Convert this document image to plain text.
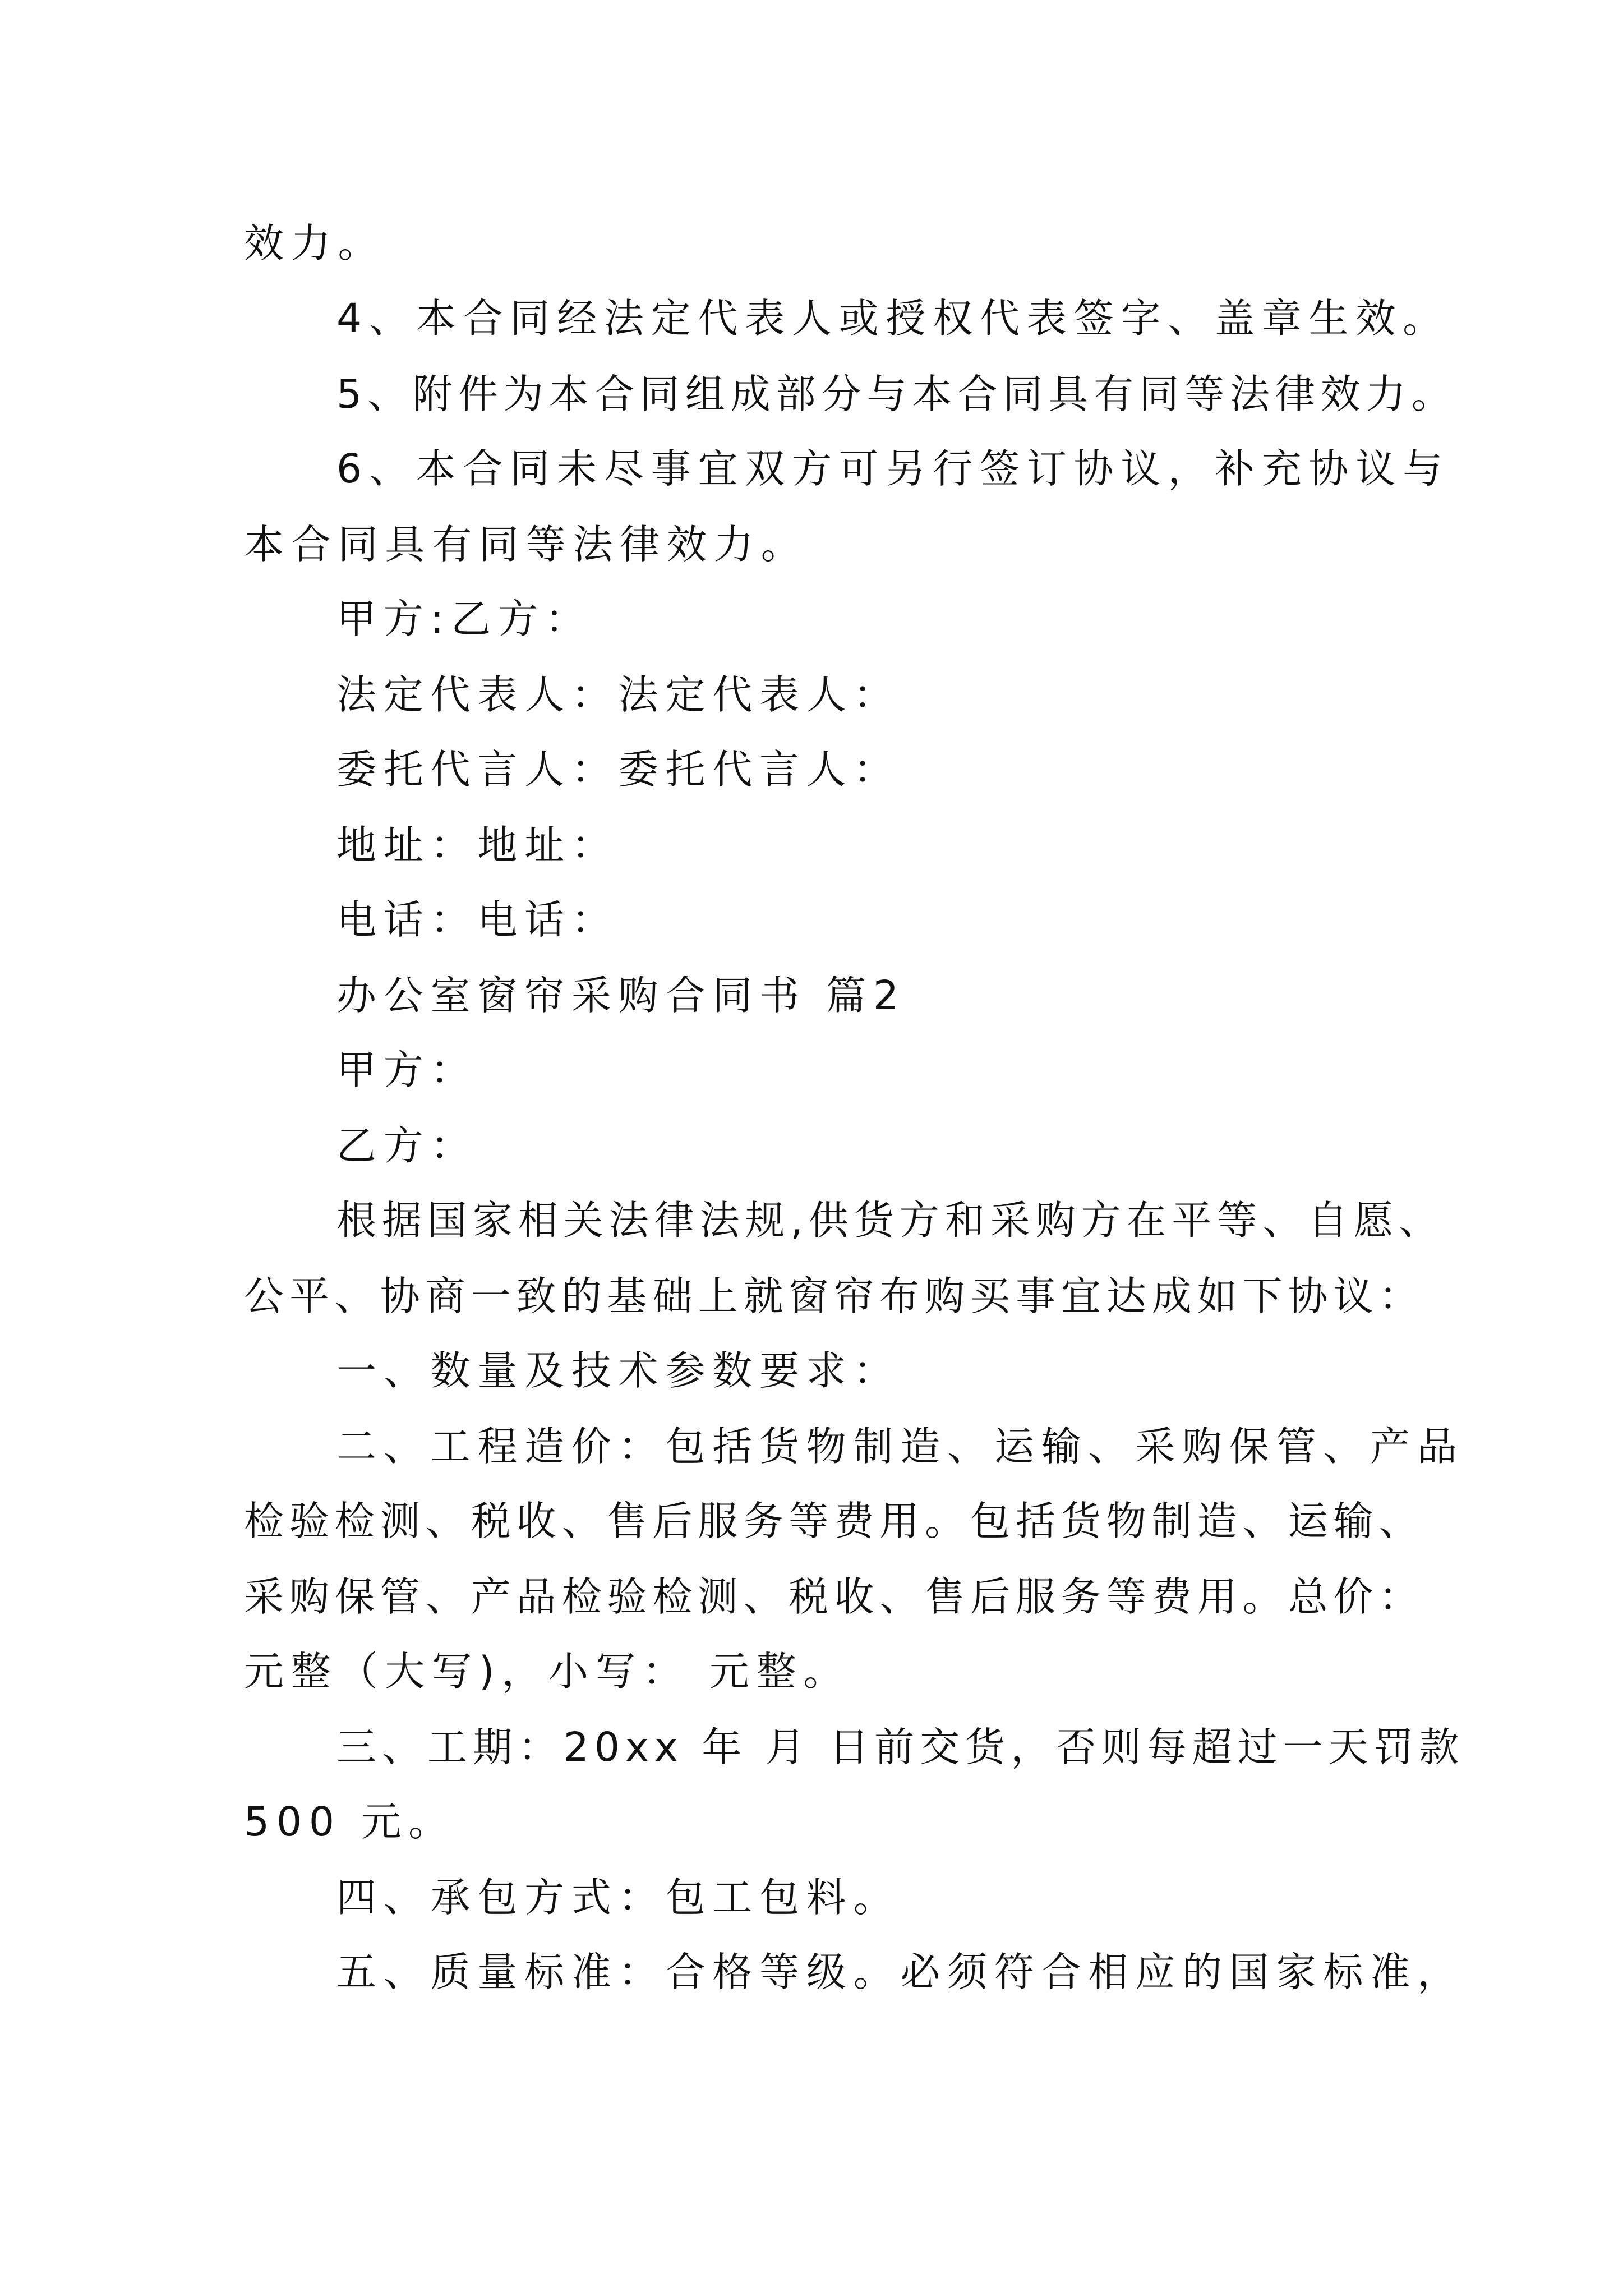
效力。
4、本合同经法定代表人或授权代表签字、盖章生效。
5、附件为本合同组成部分与本合同具有同等法律效力。
6、本合同未尽事宜双方可另行签订协议，补充协议与
本合同具有同等法律效力。
甲方:乙方：
法定代表人：法定代表人：
委托代言人：委托代言人：
地址：地址：
电话：电话：
办公室窗帘采购合同书 篇2
甲方：
乙方：
根据国家相关法律法规,供货方和采购方在平等、自愿、
公平、协商一致的基础上就窗帘布购买事宜达成如下协议：
一、数量及技术参数要求：
二、工程造价：包括货物制造、运输、采购保管、产品
检验检测、税收、售后服务等费用。包括货物制造、运输、
采购保管、产品检验检测、税收、售后服务等费用。总价：
元整（大写)，小写： 元整。
三、工期：20xx 年 月 日前交货，否则每超过一天罚款
500 元。
四、承包方式：包工包料。
五、质量标准：合格等级。必须符合相应的国家标准，
